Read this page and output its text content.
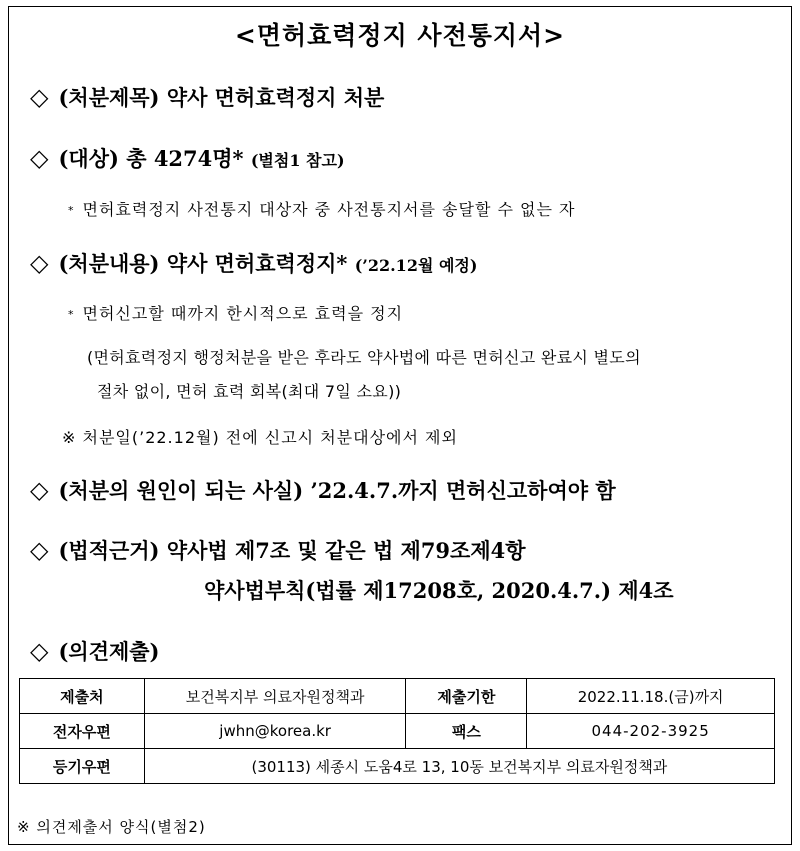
<면허효력정지 사전통지서>
◇ (처분제목) 약사 면허효력정지 처분
◇ (대상) 총 4274명* (별첨1 참고)
* 면허효력정지 사전통지 대상자 중 사전통지서를 송달할 수 없는 자
◇ (처분내용) 약사 면허효력정지* (’22.12월 예정)
* 면허신고할 때까지 한시적으로 효력을 정지
(면허효력정지 행정처분을 받은 후라도 약사법에 따른 면허신고 완료시 별도의
절차 없이, 면허 효력 회복(최대 7일 소요))
※ 처분일(’22.12월) 전에 신고시 처분대상에서 제외
◇ (처분의 원인이 되는 사실) ’22.4.7.까지 면허신고하여야 함
◇ (법적근거) 약사법 제7조 및 같은 법 제79조제4항
약사법부칙(법률 제17208호, 2020.4.7.) 제4조
◇ (의견제출)
제출처	보건복지부 의료자원정책과	제출기한	2022.11.18.(금)까지
전자우편	jwhn@korea.kr	팩스	044-202-3925
등기우편	(30113) 세종시 도움4로 13, 10동 보건복지부 의료자원정책과		
※ 의견제출서 양식(별첨2)
